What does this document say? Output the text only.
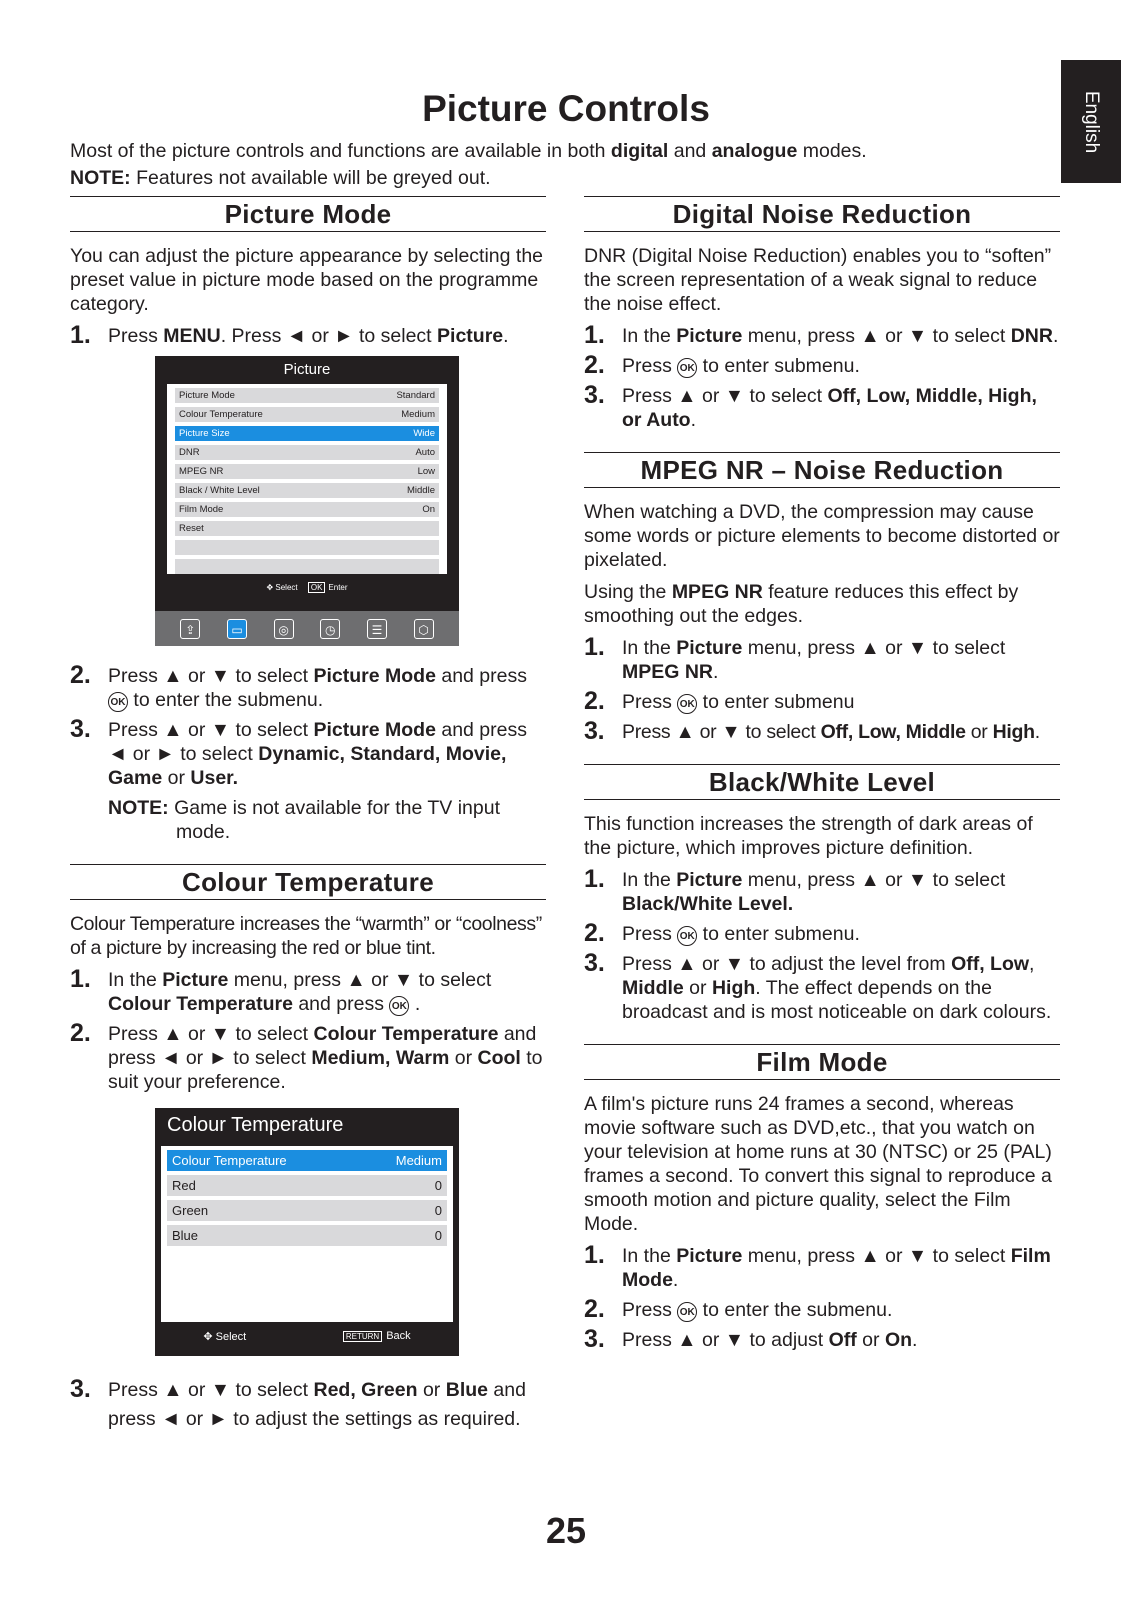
English
Picture Controls
Most of the picture controls and functions are available in both digital and analogue modes.
NOTE: Features not available will be greyed out.
Picture Mode

You can adjust the picture appearance by selecting the preset value in picture mode based on the programme category.

1. Press MENU. Press ◄ or ► to select Picture.
Picture
Picture Mode	Standard
Colour Temperature	Medium
Picture Size	Wide
DNR	Auto
MPEG NR	Low
Black / White Level	Middle
Film Mode	On
Reset
✥ Select OK Enter
⇪	▭	◎	◷	☰	⬡
2. Press ▲ or ▼ to select Picture Mode and press OK to enter the submenu.
3. Press ▲ or ▼ to select Picture Mode and press ◄ or ► to select Dynamic, Standard, Movie, Game or User.
NOTE: Game is not available for the TV input
mode.
Colour Temperature

Colour Temperature increases the “warmth” or “coolness” of a picture by increasing the red or blue tint.

1. In the Picture menu, press ▲ or ▼ to select Colour Temperature and press OK .
2. Press ▲ or ▼ to select Colour Temperature and press ◄ or ► to select Medium, Warm or Cool to suit your preference.
Colour Temperature
Colour Temperature	Medium
Red	0
Green	0
Blue	0
✥ Select	RETURN Back
3. Press ▲ or ▼ to select Red, Green or Blue and press ◄ or ► to adjust the settings as required.
Digital Noise Reduction

DNR (Digital Noise Reduction) enables you to “soften” the screen representation of a weak signal to reduce the noise effect.

1. In the Picture menu, press ▲ or ▼ to select DNR.
2. Press OK to enter submenu.
3. Press ▲ or ▼ to select Off, Low, Middle, High, or Auto.
MPEG NR – Noise Reduction

When watching a DVD, the compression may cause some words or picture elements to become distorted or pixelated.

Using the MPEG NR feature reduces this effect by smoothing out the edges.

1. In the Picture menu, press ▲ or ▼ to select MPEG NR.
2. Press OK to enter submenu
3. Press ▲ or ▼ to select Off, Low, Middle or High.
Black/White Level

This function increases the strength of dark areas of the picture, which improves picture definition.

1. In the Picture menu, press ▲ or ▼ to select Black/White Level.
2. Press OK to enter submenu.
3. Press ▲ or ▼ to adjust the level from Off, Low, Middle or High. The effect depends on the broadcast and is most noticeable on dark colours.
Film Mode

A film's picture runs 24 frames a second, whereas movie software such as DVD,etc., that you watch on your television at home runs at 30 (NTSC) or 25 (PAL) frames a second. To convert this signal to reproduce a smooth motion and picture quality, select the Film Mode.

1. In the Picture menu, press ▲ or ▼ to select Film Mode.
2. Press OK to enter the submenu.
3. Press ▲ or ▼ to adjust Off or On.
25
